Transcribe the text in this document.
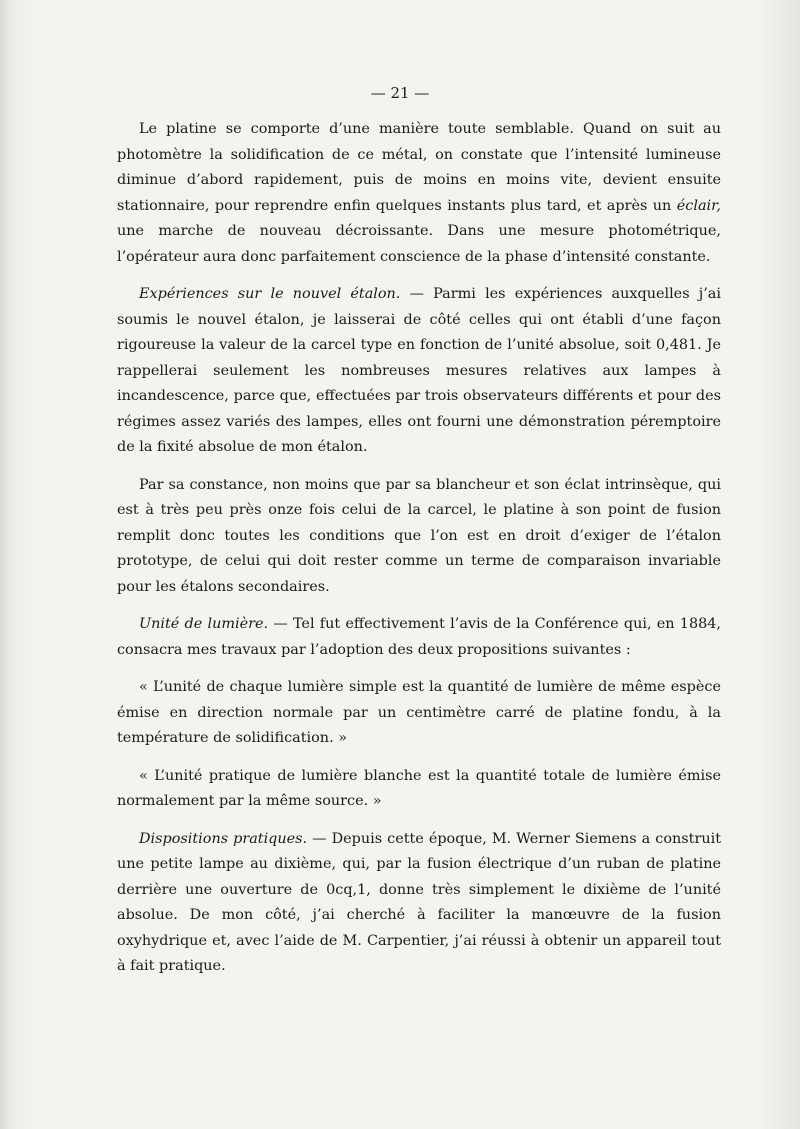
— 21 —

Le platine se comporte d’une manière toute semblable. Quand on suit au photomètre la solidification de ce métal, on constate que l’intensité lumineuse diminue d’abord rapidement, puis de moins en moins vite, devient ensuite stationnaire, pour reprendre enfin quelques instants plus tard, et après un éclair, une marche de nouveau décroissante. Dans une mesure photométrique, l’opérateur aura donc parfaitement conscience de la phase d’intensité constante.

Expériences sur le nouvel étalon. — Parmi les expériences auxquelles j’ai soumis le nouvel étalon, je laisserai de côté celles qui ont établi d’une façon rigoureuse la valeur de la carcel type en fonction de l’unité absolue, soit 0,481. Je rappellerai seulement les nombreuses mesures relatives aux lampes à incandescence, parce que, effectuées par trois observateurs différents et pour des régimes assez variés des lampes, elles ont fourni une démonstration péremptoire de la fixité absolue de mon étalon.

Par sa constance, non moins que par sa blancheur et son éclat intrinsèque, qui est à très peu près onze fois celui de la carcel, le platine à son point de fusion remplit donc toutes les conditions que l’on est en droit d’exiger de l’étalon prototype, de celui qui doit rester comme un terme de comparaison invariable pour les étalons secondaires.

Unité de lumière. — Tel fut effectivement l’avis de la Conférence qui, en 1884, consacra mes travaux par l’adoption des deux propositions suivantes :

« L’unité de chaque lumière simple est la quantité de lumière de même espèce émise en direction normale par un centimètre carré de platine fondu, à la température de solidification. »

« L’unité pratique de lumière blanche est la quantité totale de lumière émise normalement par la même source. »

Dispositions pratiques. — Depuis cette époque, M. Werner Siemens a construit une petite lampe au dixième, qui, par la fusion électrique d’un ruban de platine derrière une ouverture de 0cq,1, donne très simplement le dixième de l’unité absolue. De mon côté, j’ai cherché à faciliter la manœuvre de la fusion oxyhydrique et, avec l’aide de M. Carpentier, j’ai réussi à obtenir un appareil tout à fait pratique.
